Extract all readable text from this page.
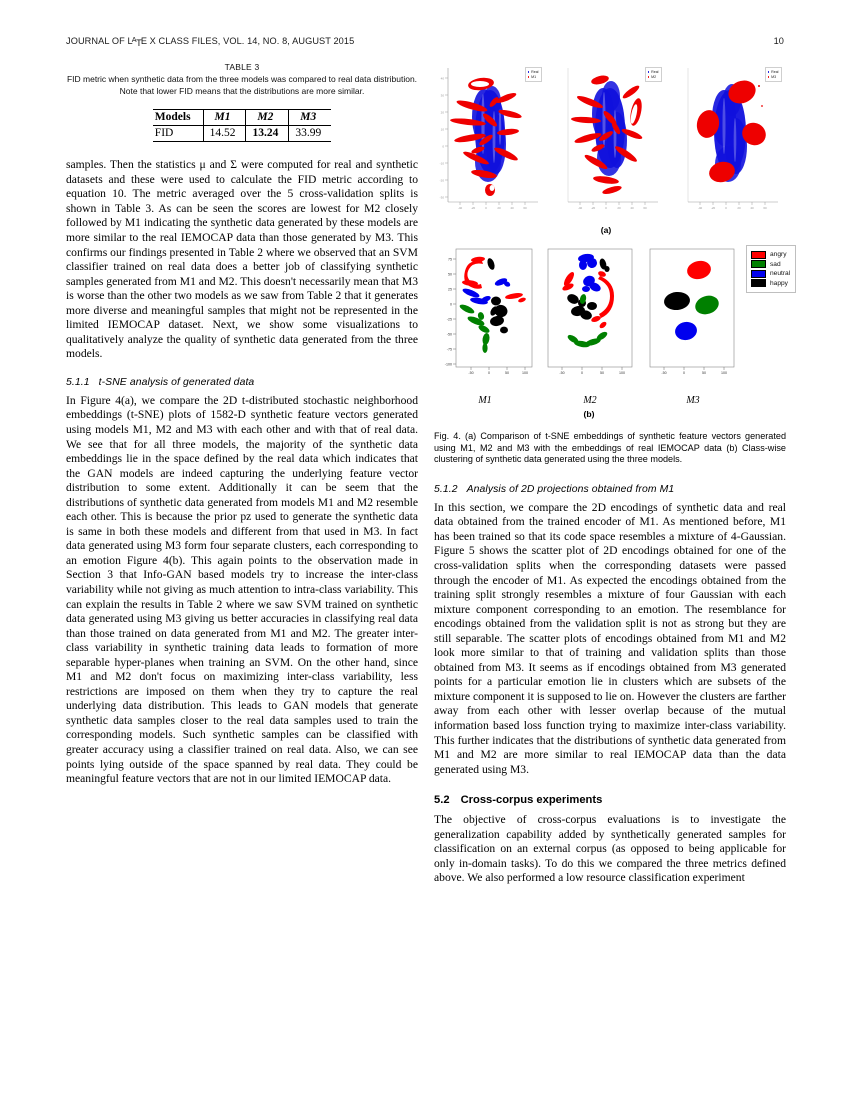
JOURNAL OF $L^ATE$ X CLASS FILES, VOL. 14, NO. 8, AUGUST 2015	10
TABLE 3
FID metric when synthetic data from the three models was compared to real data distribution. Note that lower FID means that the distributions are more similar.
Models	M1	M2	M3
FID	14.52	13.24	33.99

samples. Then the statistics μ and Σ were computed for real and synthetic datasets and these were used to calculate the FID metric according to equation 10. The metric averaged over the 5 cross-validation splits is shown in Table 3. As can be seen the scores are lowest for M2 closely followed by M1 indicating the synthetic data generated by these models are more similar to the real IEMOCAP data than those generated by M3. This confirms our findings presented in Table 2 where we observed that an SVM classifier trained on real data does a better job of classifying synthetic samples generated from M1 and M2. This doesn't necessarily mean that M3 is worse than the other two models as we saw from Table 2 that it generates more diverse and meaningful samples that might not be represented in the limited IEMOCAP dataset. Next, we show some visualizations to qualitatively analyze the quality of synthetic data generated from the three models.

5.1.1 t-SNE analysis of generated data

In Figure 4(a), we compare the 2D t-distributed stochastic neighborhood embeddings (t-SNE) plots of 1582-D synthetic feature vectors generated using models M1, M2 and M3 with each other and with that of real data. We see that for all three models, the majority of the synthetic data embeddings lie in the space defined by the real data which indicates that the GAN models are indeed capturing the underlying feature vector distribution to some extent. Additionally it can be seem that the distributions of synthetic data generated from models M1 and M2 resemble each other. This is because the prior pz used to generate the synthetic data is same in both these models and different from that used in M3. In fact data generated using M3 form four separate clusters, each corresponding to an emotion Figure 4(b). This again points to the observation made in Section 3 that Info-GAN based models try to increase the inter-class variability while not giving as much attention to intra-class variability. This can explain the results in Table 2 where we saw SVM trained on synthetic data generated using M3 giving us better accuracies in classifying real data than those trained on data generated from M1 and M2. The greater inter-class variability in synthetic training data leads to formation of more separable hyper-planes when training an SVM. On the other hand, since M1 and M2 don't focus on maximizing inter-class variability, less restrictions are imposed on them when they try to capture the real underlying data distribution. This leads to GAN models that generate synthetic data samples closer to the real data samples used to train the corresponding models. Such synthetic samples can be classified with greater accuracy using a classifier trained on real data. Also, we can see points lying outside of the space spanned by real data. They could be meaningful feature vectors that are not in our limited IEMOCAP data.

40
30
20
10
0
-10
-20
-30
-40	-20	0	20	40	60
Real
M1
-40	-20	0	20	40	60
Real
M2
-40	-20	0	20	40	60
Real
M3
(a)
75
50
25
0
-25
-50
-75
-100
-50	0	50	100
M1
-50	0	50	100
M2
-50	0	50	100
M3
angry
sad
neutral
happy
(b)
Fig. 4. (a) Comparison of t-SNE embeddings of synthetic feature vectors generated using M1, M2 and M3 with the embeddings of real IEMOCAP data (b) Class-wise clustering of synthetic data generated using the three models.
5.1.2 Analysis of 2D projections obtained from M1

In this section, we compare the 2D encodings of synthetic data and real data obtained from the trained encoder of M1. As mentioned before, M1 has been trained so that its code space resembles a mixture of 4-Gaussian. Figure 5 shows the scatter plot of 2D encodings obtained for one of the cross-validation splits when the corresponding datasets were passed through the encoder of M1. As expected the encodings obtained from the training split strongly resembles a mixture of four Gaussian with each mixture component corresponding to an emotion. The resemblance for encodings obtained from the validation split is not as strong but they are still separable. The scatter plots of encodings obtained from M1 and M2 look more similar to that of training and validation splits than those obtained from M3. It seems as if encodings obtained from M3 generated points for a particular emotion lie in clusters which are subsets of the mixture component it is supposed to lie on. However the clusters are farther away from each other with lesser overlap because of the mutual information based loss function trying to maximize inter-class variability. This further indicates that the distributions of synthetic data generated from M1 and M2 are more similar to real IEMOCAP data than the data generated using M3.

5.2 Cross-corpus experiments

The objective of cross-corpus evaluations is to investigate the generalization capability added by synthetically generated samples for classification on an external corpus (as opposed to being applicable for only in-domain tasks). To do this we compared the three metrics defined above. We also performed a low resource classification experiment
